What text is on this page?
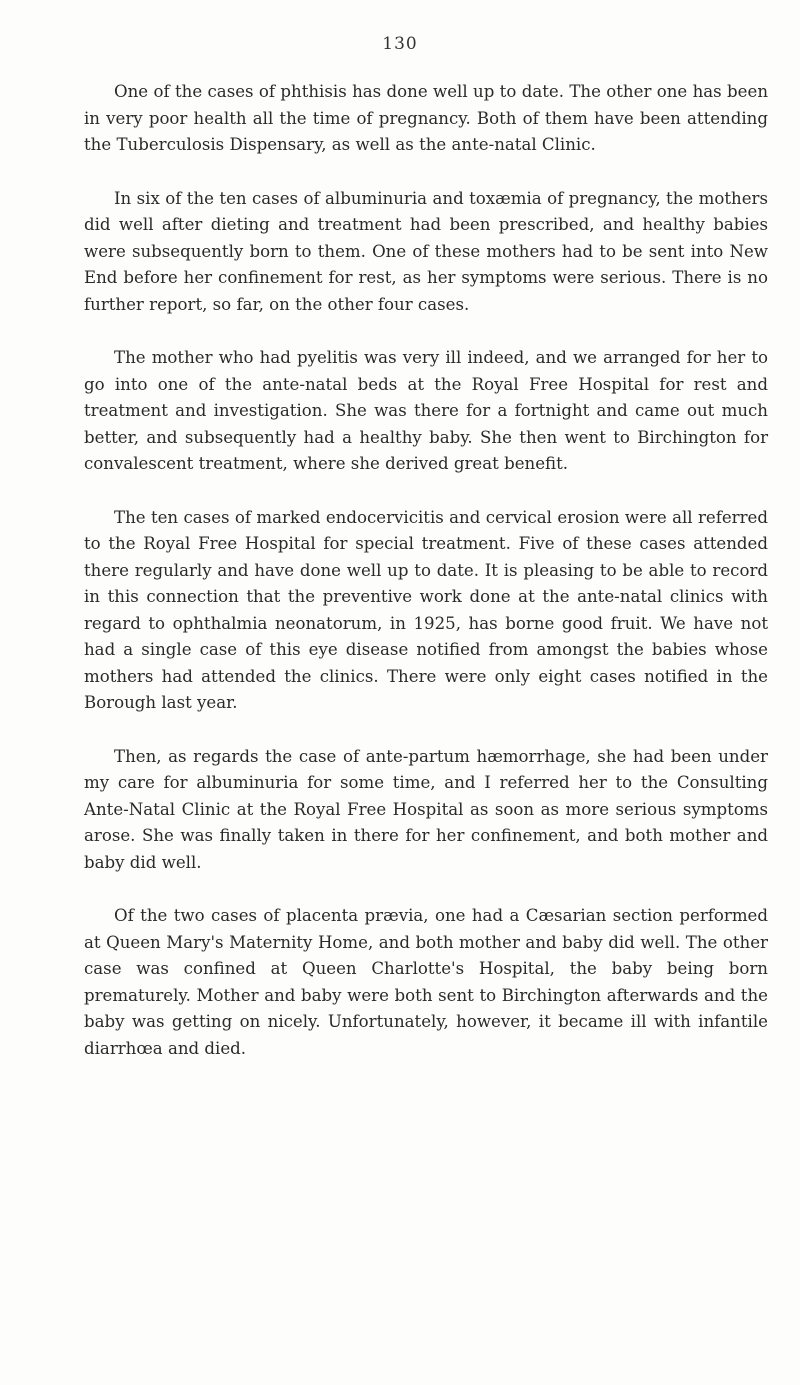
130

One of the cases of phthisis has done well up to date. The other one has been in very poor health all the time of pregnancy. Both of them have been attending the Tuberculosis Dispensary, as well as the ante-natal Clinic.

In six of the ten cases of albuminuria and toxæmia of pregnancy, the mothers did well after dieting and treatment had been prescribed, and healthy babies were subsequently born to them. One of these mothers had to be sent into New End before her confinement for rest, as her symptoms were serious. There is no further report, so far, on the other four cases.

The mother who had pyelitis was very ill indeed, and we arranged for her to go into one of the ante-natal beds at the Royal Free Hospital for rest and treatment and investigation. She was there for a fortnight and came out much better, and subsequently had a healthy baby. She then went to Birchington for convalescent treatment, where she derived great benefit.

The ten cases of marked endocervicitis and cervical erosion were all referred to the Royal Free Hospital for special treatment. Five of these cases attended there regularly and have done well up to date. It is pleasing to be able to record in this connection that the preventive work done at the ante-natal clinics with regard to ophthalmia neonatorum, in 1925, has borne good fruit. We have not had a single case of this eye disease notified from amongst the babies whose mothers had attended the clinics. There were only eight cases notified in the Borough last year.

Then, as regards the case of ante-partum hæmorrhage, she had been under my care for albuminuria for some time, and I referred her to the Consulting Ante-Natal Clinic at the Royal Free Hospital as soon as more serious symptoms arose. She was finally taken in there for her confinement, and both mother and baby did well.

Of the two cases of placenta prævia, one had a Cæsarian section performed at Queen Mary's Maternity Home, and both mother and baby did well. The other case was confined at Queen Charlotte's Hospital, the baby being born prematurely. Mother and baby were both sent to Birchington afterwards and the baby was getting on nicely. Unfortunately, however, it became ill with infantile diarrhœa and died.
